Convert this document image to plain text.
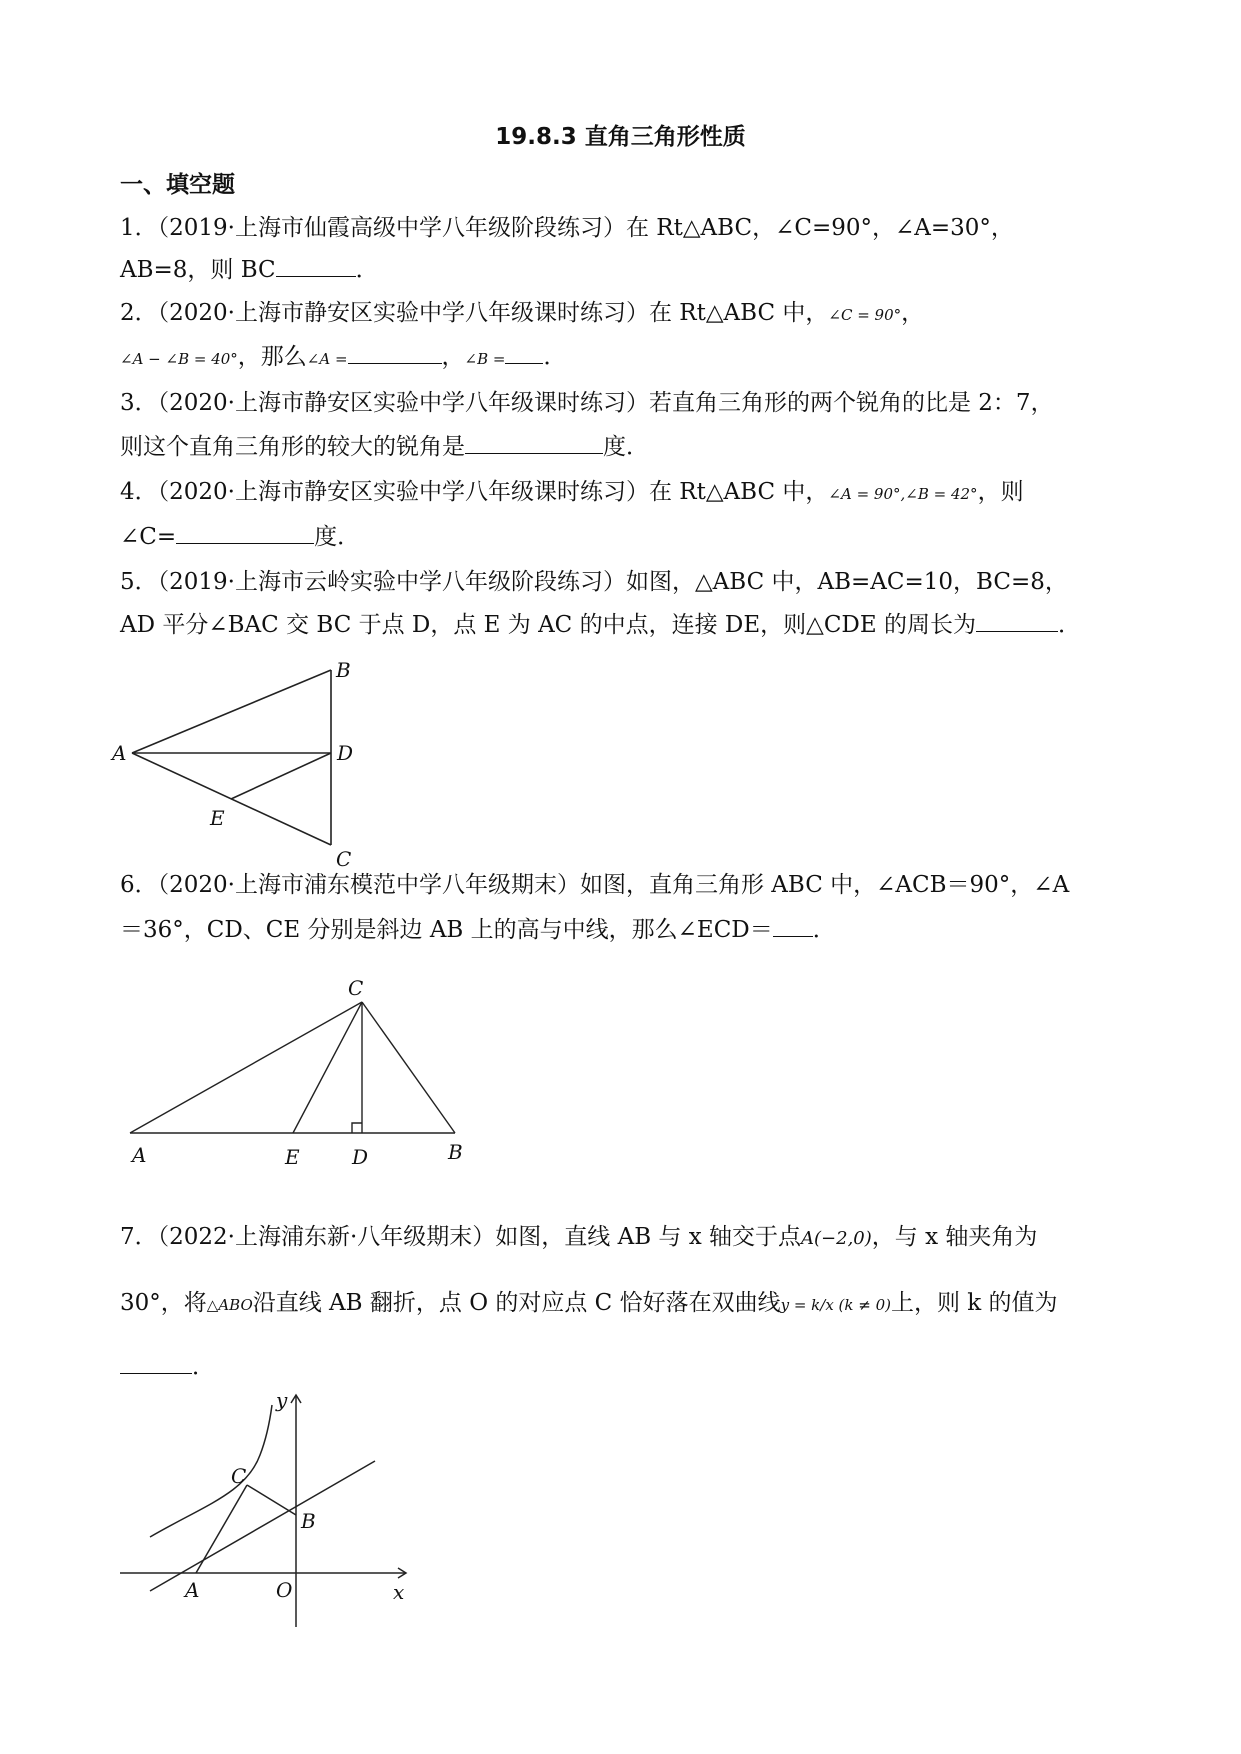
19.8.3 直角三角形性质
一、填空题
1．（2019·上海市仙霞高级中学八年级阶段练习）在 Rt△ABC，∠C=90°，∠A=30°，
AB=8，则 BC	．
2．（2020·上海市静安区实验中学八年级课时练习）在 Rt△ABC 中，∠C = 90°，
∠A − ∠B = 40°，那么∠A =	，∠B = ．
3．（2020·上海市静安区实验中学八年级课时练习）若直角三角形的两个锐角的比是 2：7，
则这个直角三角形的较大的锐角是	度．
4．（2020·上海市静安区实验中学八年级课时练习）在 Rt△ABC 中，∠A = 90°,∠B = 42°，则
∠C=	度．
5．（2019·上海市云岭实验中学八年级阶段练习）如图，△ABC 中，AB=AC=10，BC=8，
AD 平分∠BAC 交 BC 于点 D，点 E 为 AC 的中点，连接 DE，则△CDE 的周长为	．
A
B
C
D
E
6．（2020·上海市浦东模范中学八年级期末）如图，直角三角形 ABC 中，∠ACB＝90°，∠A
＝36°，CD、CE 分别是斜边 AB 上的高与中线，那么∠ECD＝ ．
C
A	E	D	B
7．（2022·上海浦东新·八年级期末）如图，直线 AB 与 x 轴交于点A(−2,0)，与 x 轴夹角为
30°，将△ABO沿直线 AB 翻折，点 O 的对应点 C 恰好落在双曲线y = k/x (k ≠ 0)上，则 k 的值为
．
y
x
C
B
A	O
